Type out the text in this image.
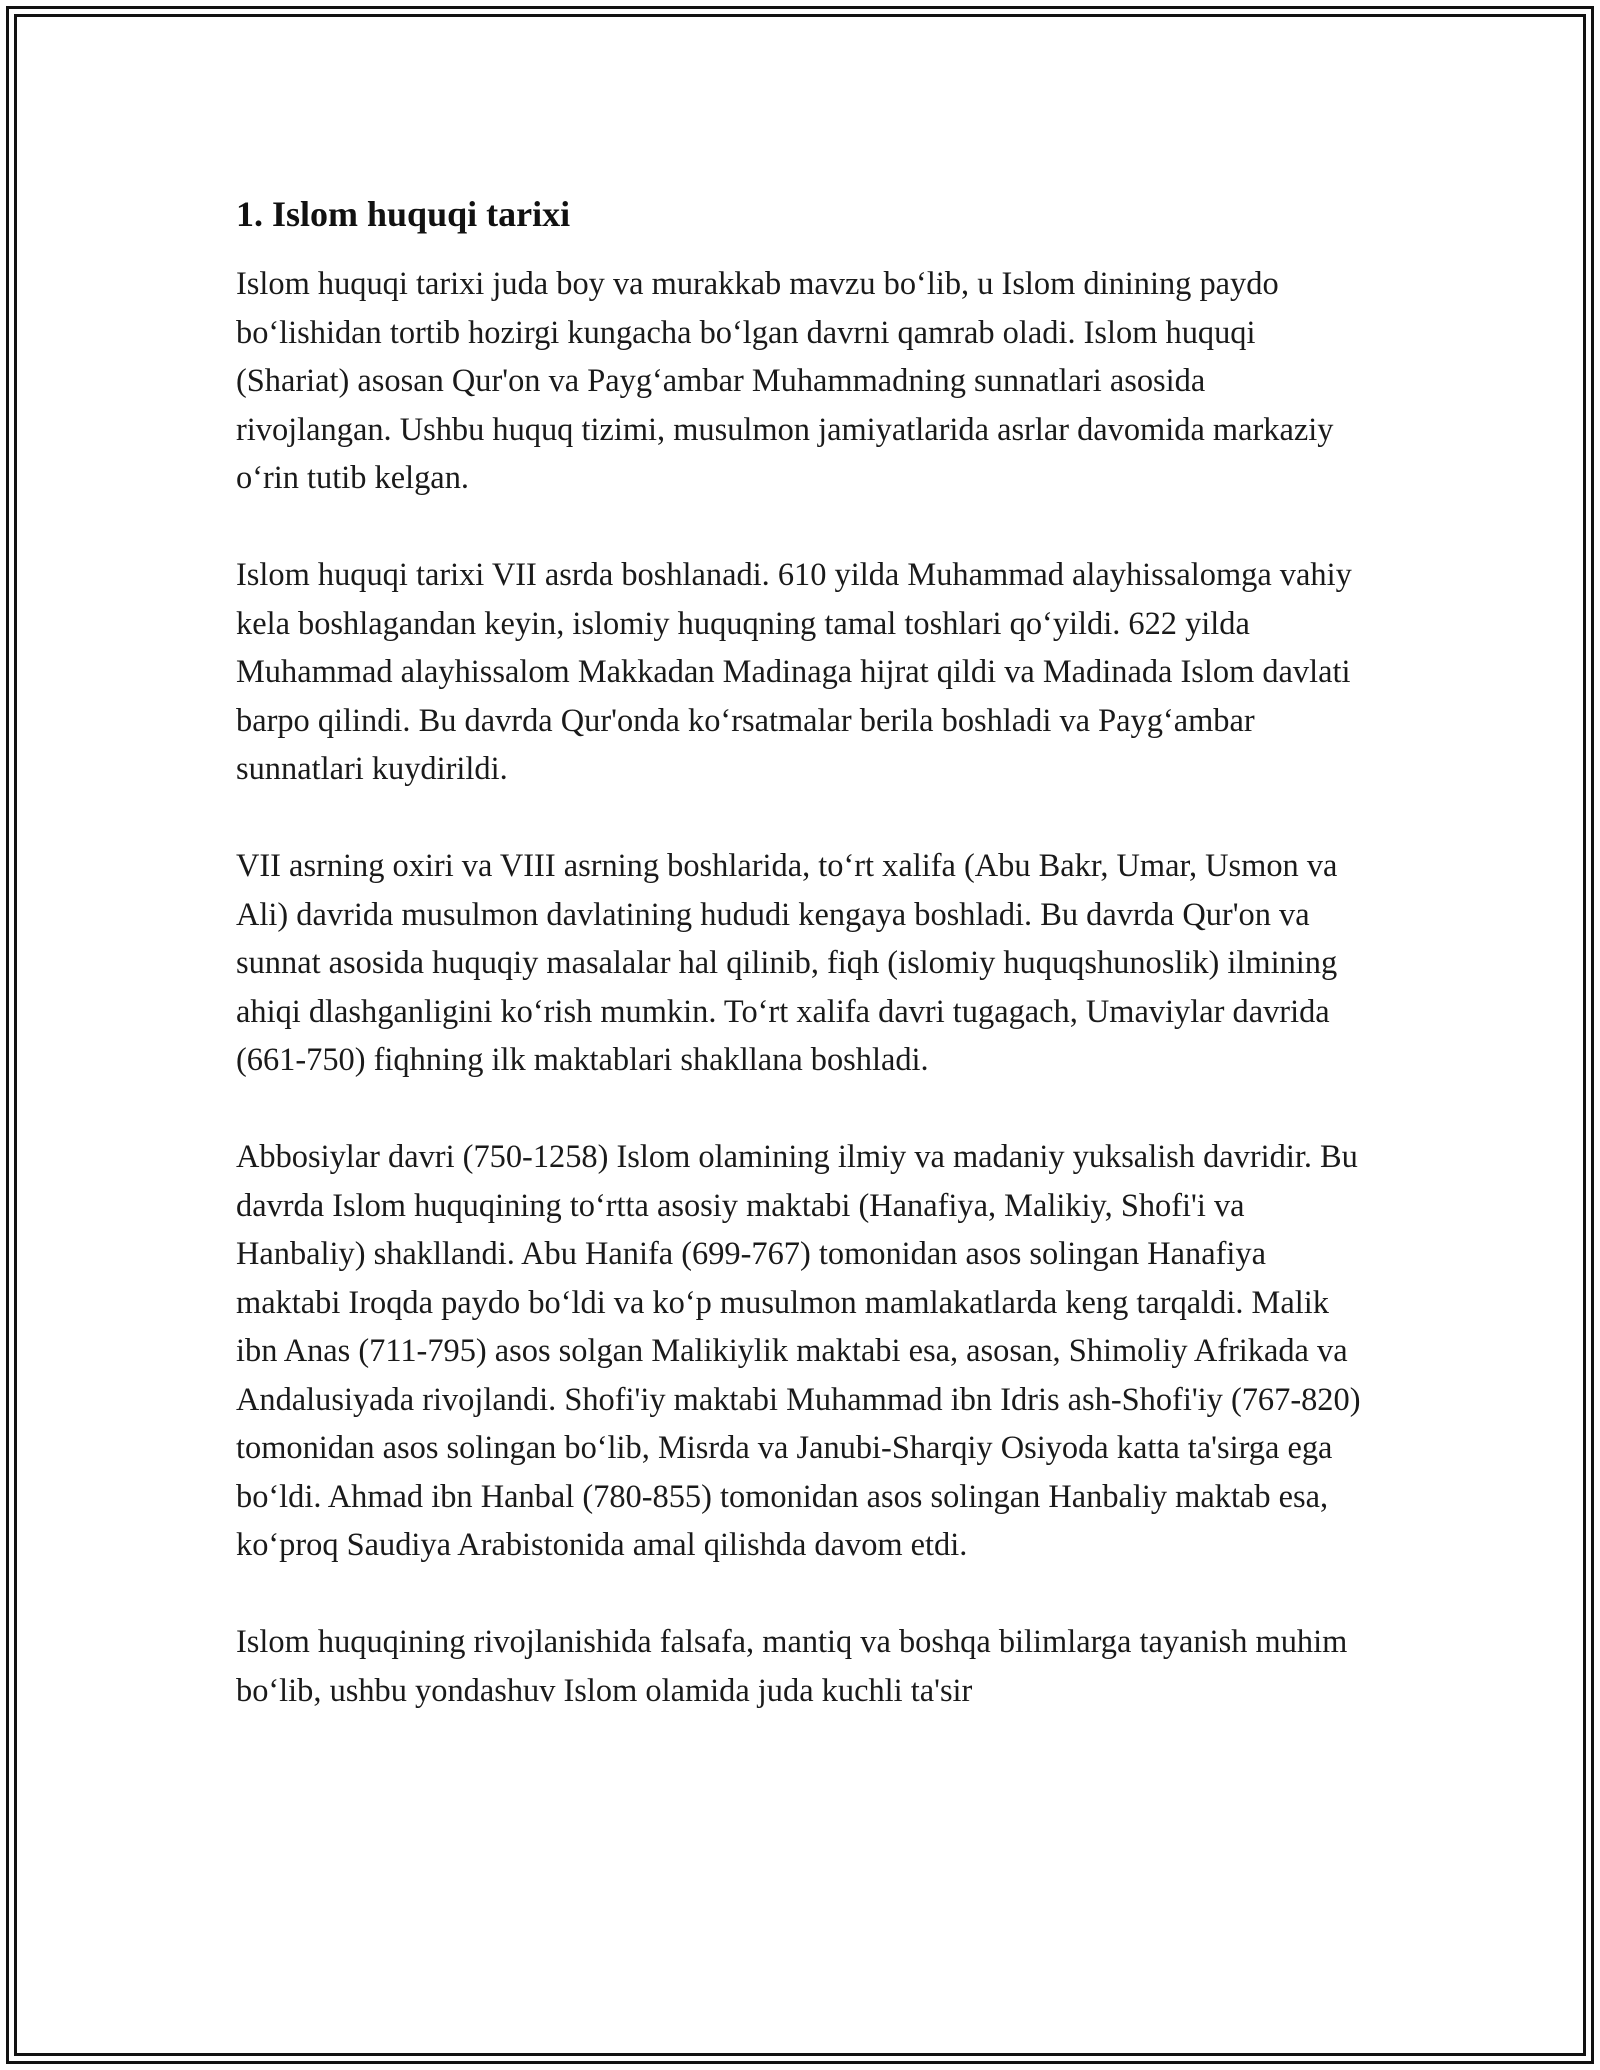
1. Islom huquqi tarixi

Islom huquqi tarixi juda boy va murakkab mavzu bo‘lib, u Islom dinining paydo bo‘lishidan tortib hozirgi kungacha bo‘lgan davrni qamrab oladi. Islom huquqi (Shariat) asosan Qur'on va Payg‘ambar Muhammadning sunnatlari asosida rivojlangan. Ushbu huquq tizimi, musulmon jamiyatlarida asrlar davomida markaziy o‘rin tutib kelgan.

Islom huquqi tarixi VII asrda boshlanadi. 610 yilda Muhammad alayhissalomga vahiy kela boshlagandan keyin, islomiy huquqning tamal toshlari qo‘yildi. 622 yilda Muhammad alayhissalom Makkadan Madinaga hijrat qildi va Madinada Islom davlati barpo qilindi. Bu davrda Qur'onda ko‘rsatmalar berila boshladi va Payg‘ambar sunnatlari kuydirildi.

VII asrning oxiri va VIII asrning boshlarida, to‘rt xalifa (Abu Bakr, Umar, Usmon va Ali) davrida musulmon davlatining hududi kengaya boshladi. Bu davrda Qur'on va sunnat asosida huquqiy masalalar hal qilinib, fiqh (islomiy huquqshunoslik) ilmining ahiqi dlashganligini ko‘rish mumkin. To‘rt xalifa davri tugagach, Umaviylar davrida (661-750) fiqhning ilk maktablari shakllana boshladi.

Abbosiylar davri (750-1258) Islom olamining ilmiy va madaniy yuksalish davridir. Bu davrda Islom huquqining to‘rtta asosiy maktabi (Hanafiya, Malikiy, Shofi'i va Hanbaliy) shakllandi. Abu Hanifa (699-767) tomonidan asos solingan Hanafiya maktabi Iroqda paydo bo‘ldi va ko‘p musulmon mamlakatlarda keng tarqaldi. Malik ibn Anas (711-795) asos solgan Malikiylik maktabi esa, asosan, Shimoliy Afrikada va Andalusiyada rivojlandi. Shofi'iy maktabi Muhammad ibn Idris ash-Shofi'iy (767-820) tomonidan asos solingan bo‘lib, Misrda va Janubi-Sharqiy Osiyoda katta ta'sirga ega bo‘ldi. Ahmad ibn Hanbal (780-855) tomonidan asos solingan Hanbaliy maktab esa, ko‘proq Saudiya Arabistonida amal qilishda davom etdi.

Islom huquqining rivojlanishida falsafa, mantiq va boshqa bilimlarga tayanish muhim bo‘lib, ushbu yondashuv Islom olamida juda kuchli ta'sir
